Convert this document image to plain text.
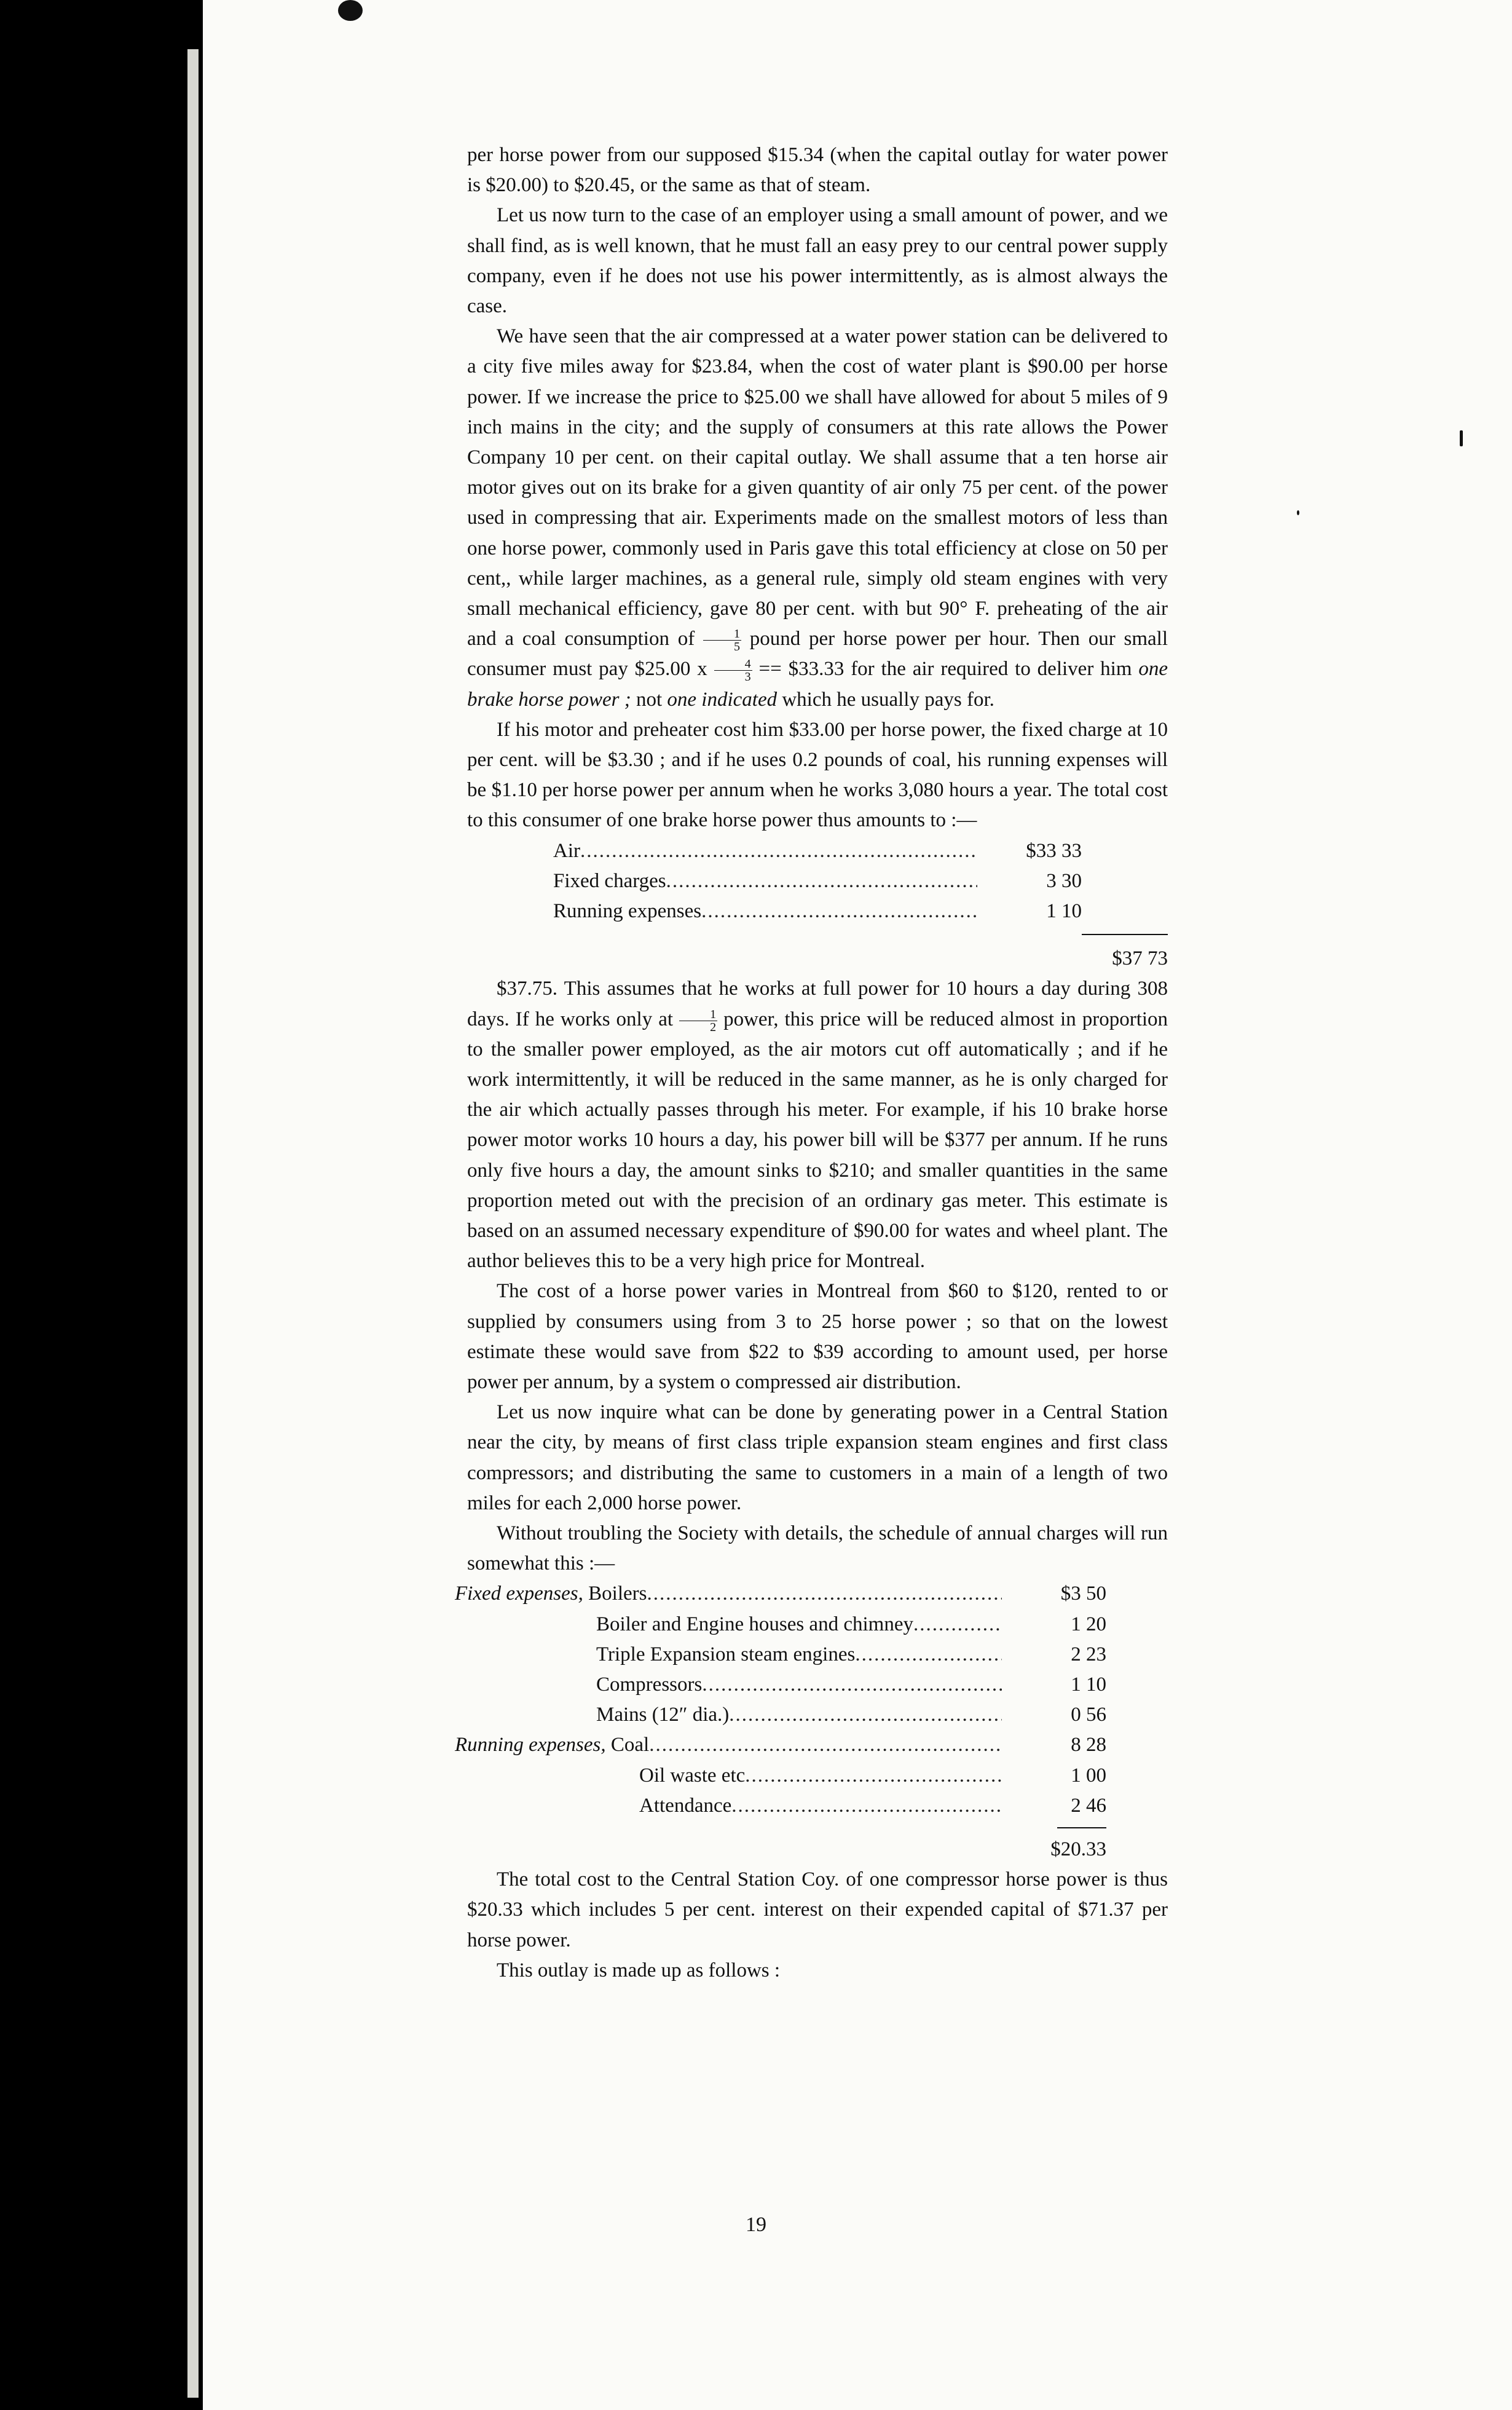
per horse power from our supposed $15.34 (when the capital outlay for water power is $20.00) to $20.45, or the same as that of steam.

Let us now turn to the case of an employer using a small amount of power, and we shall find, as is well known, that he must fall an easy prey to our central power supply company, even if he does not use his power intermittently, as is almost always the case.

We have seen that the air compressed at a water power station can be delivered to a city five miles away for $23.84, when the cost of water plant is $90.00 per horse power. If we increase the price to $25.00 we shall have allowed for about 5 miles of 9 inch mains in the city; and the supply of consumers at this rate allows the Power Company 10 per cent. on their capital outlay. We shall assume that a ten horse air motor gives out on its brake for a given quantity of air only 75 per cent. of the power used in compressing that air. Experiments made on the smallest motors of less than one horse power, commonly used in Paris gave this total efficiency at close on 50 per cent,, while larger machines, as a general rule, simply old steam engines with very small mechanical efficiency, gave 80 per cent. with but 90° F. preheating of the air and a coal consumption of $\frac{1}{5}$ pound per horse power per hour. Then our small consumer must pay $25.00 x $\frac{4}{3}$ == $33.33 for the air required to deliver him one brake horse power ; not one indicated which he usually pays for.

If his motor and preheater cost him $33.00 per horse power, the fixed charge at 10 per cent. will be $3.30 ; and if he uses 0.2 pounds of coal, his running expenses will be $1.10 per horse power per annum when he works 3,080 hours a year. The total cost to this consumer of one brake horse power thus amounts to :—

Air .....	$33 33
Fixed charges .....	3 30
Running expenses .....	1 10
$37 73

$37.75. This assumes that he works at full power for 10 hours a day during 308 days. If he works only at $\frac{1}{2}$ power, this price will be reduced almost in proportion to the smaller power employed, as the air motors cut off automatically ; and if he work intermittently, it will be reduced in the same manner, as he is only charged for the air which actually passes through his meter. For example, if his 10 brake horse power motor works 10 hours a day, his power bill will be $377 per annum. If he runs only five hours a day, the amount sinks to $210; and smaller quantities in the same proportion meted out with the precision of an ordinary gas meter. This estimate is based on an assumed necessary expenditure of $90.00 for wates and wheel plant. The author believes this to be a very high price for Montreal.

The cost of a horse power varies in Montreal from $60 to $120, rented to or supplied by consumers using from 3 to 25 horse power ; so that on the lowest estimate these would save from $22 to $39 according to amount used, per horse power per annum, by a system o compressed air distribution.

Let us now inquire what can be done by generating power in a Central Station near the city, by means of first class triple expansion steam engines and first class compressors; and distributing the same to customers in a main of a length of two miles for each 2,000 horse power.

Without troubling the Society with details, the schedule of annual charges will run somewhat this :—

Fixed expenses, Boilers .....	$3 50
Boiler and Engine houses and chimney .....	1 20
Triple Expansion steam engines .....	2 23
Compressors .....	1 10
Mains (12″ dia.) .....	0 56
Running expenses, Coal .....	8 28
Oil waste etc .....	1 00
Attendance .....	2 46
$20.33

The total cost to the Central Station Coy. of one compressor horse power is thus $20.33 which includes 5 per cent. interest on their expended capital of $71.37 per horse power.

This outlay is made up as follows :

19
